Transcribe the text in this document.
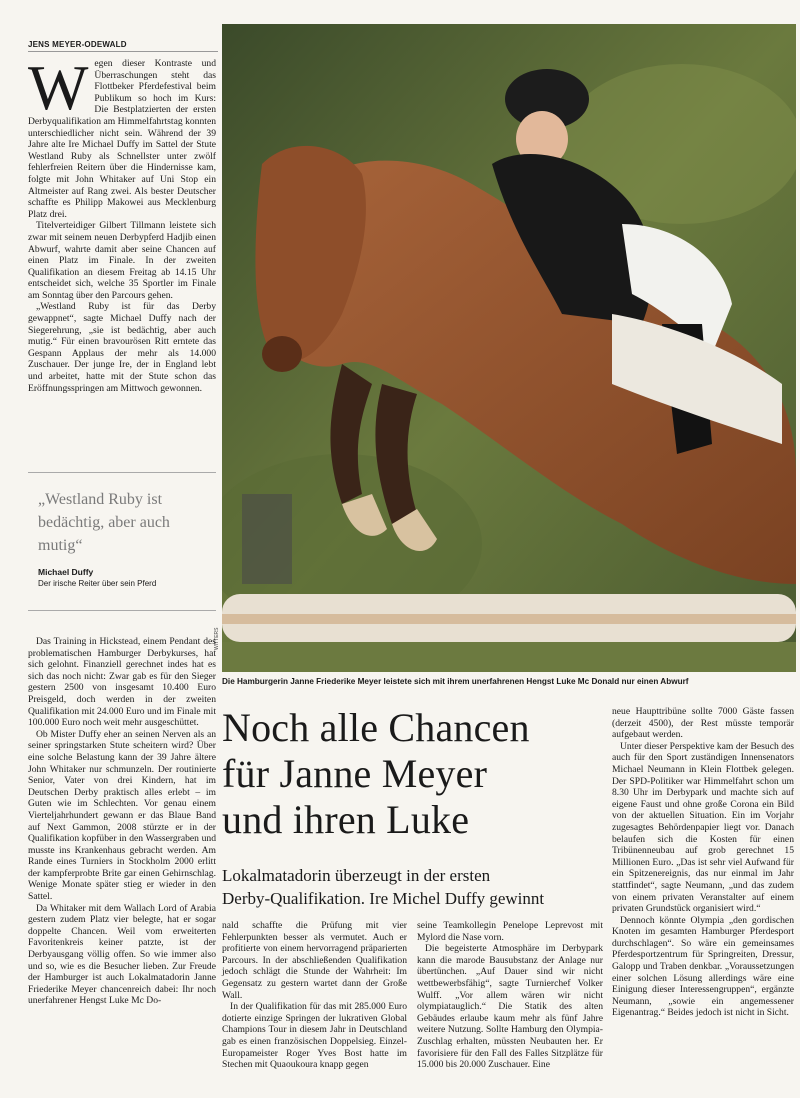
JENS MEYER-ODEWALD
W egen dieser Kontraste und Überraschungen steht das Flottbeker Pferdefestival beim Publikum so hoch im Kurs: Die Bestplatzierten der ersten Derbyqualifikation am Himmelfahrtstag konnten unterschiedlicher nicht sein. Während der 39 Jahre alte Ire Michael Duffy im Sattel der Stute Westland Ruby als Schnellster unter zwölf fehlerfreien Reitern über die Hindernisse kam, folgte mit John Whitaker auf Uni Stop ein Altmeister auf Rang zwei. Als bester Deutscher schaffte es Philipp Makowei aus Mecklenburg Platz drei.

Titelverteidiger Gilbert Tillmann leistete sich zwar mit seinem neuen Derbypferd Hadjib einen Abwurf, wahrte damit aber seine Chancen auf einen Platz im Finale. In der zweiten Qualifikation an diesem Freitag ab 14.15 Uhr entscheidet sich, welche 35 Sportler im Finale am Sonntag über den Parcours gehen.

„Westland Ruby ist für das Derby gewappnet“, sagte Michael Duffy nach der Siegerehrung, „sie ist bedächtig, aber auch mutig.“ Für einen bravourösen Ritt erntete das Gespann Applaus der mehr als 14.000 Zuschauer. Der junge Ire, der in England lebt und arbeitet, hatte mit der Stute schon das Eröffnungsspringen am Mittwoch gewonnen.

„Westland Ruby ist bedächtig, aber auch mutig“
Michael Duffy
Der irische Reiter über sein Pferd
WITTERS
Die Hamburgerin Janne Friederike Meyer leistete sich mit ihrem unerfahrenen Hengst Luke Mc Donald nur einen Abwurf

Das Training in Hickstead, einem Pendant des problematischen Hamburger Derbykurses, hat sich gelohnt. Finanziell gerechnet indes hat es sich das noch nicht: Zwar gab es für den Sieger gestern 2500 von insgesamt 10.400 Euro Preisgeld, doch werden in der zweiten Qualifikation mit 24.000 Euro und im Finale mit 100.000 Euro noch weit mehr ausgeschüttet.

Ob Mister Duffy eher an seinen Nerven als an seiner springstarken Stute scheitern wird? Über eine solche Belastung kann der 39 Jahre ältere John Whitaker nur schmunzeln. Der routinierte Senior, Vater von drei Kindern, hat im Deutschen Derby praktisch alles erlebt – im Guten wie im Schlechten. Vor genau einem Vierteljahrhundert gewann er das Blaue Band auf Next Gammon, 2008 stürzte er in der Qualifikation kopfüber in den Wassergraben und musste ins Krankenhaus gebracht werden. Am Rande eines Turniers in Stockholm 2000 erlitt der kampferprobte Brite gar einen Gehirnschlag. Wenige Monate später stieg er wieder in den Sattel.

Da Whitaker mit dem Wallach Lord of Arabia gestern zudem Platz vier belegte, hat er sogar doppelte Chancen. Weil vom erweiterten Favoritenkreis keiner patzte, ist der Derbyausgang völlig offen. So wie immer also und so, wie es die Besucher lieben. Zur Freude der Hamburger ist auch Lokalmatadorin Janne Friederike Meyer chancenreich dabei: Ihr noch unerfahrener Hengst Luke Mc Do-

Noch alle Chancen
für Janne Meyer
und ihren Luke
Lokalmatadorin überzeugt in der ersten
Derby-Qualifikation. Ire Michel Duffy gewinnt

nald schaffte die Prüfung mit vier Fehlerpunkten besser als vermutet. Auch er profitierte von einem hervorragend präparierten Parcours. In der abschließenden Qualifikation jedoch schlägt die Stunde der Wahrheit: Im Gegensatz zu gestern wartet dann der Große Wall.

In der Qualifikation für das mit 285.000 Euro dotierte einzige Springen der lukrativen Global Champions Tour in diesem Jahr in Deutschland gab es einen französischen Doppelsieg. Einzel-Europameister Roger Yves Bost hatte im Stechen mit Quaoukoura knapp gegen

seine Teamkollegin Penelope Leprevost mit Mylord die Nase vorn.

Die begeisterte Atmosphäre im Derbypark kann die marode Bausubstanz der Anlage nur übertünchen. „Auf Dauer sind wir nicht wettbewerbsfähig“, sagte Turnierchef Volker Wulff. „Vor allem wären wir nicht olympiatauglich.“ Die Statik des alten Gebäudes erlaube kaum mehr als fünf Jahre weitere Nutzung. Sollte Hamburg den Olympia-Zuschlag erhalten, müssten Neubauten her. Er favorisiere für den Fall des Falles Sitzplätze für 15.000 bis 20.000 Zuschauer. Eine

neue Haupttribüne sollte 7000 Gäste fassen (derzeit 4500), der Rest müsste temporär aufgebaut werden.

Unter dieser Perspektive kam der Besuch des auch für den Sport zuständigen Innensenators Michael Neumann in Klein Flottbek gelegen. Der SPD-Politiker war Himmelfahrt schon um 8.30 Uhr im Derbypark und machte sich auf eigene Faust und ohne große Corona ein Bild von der aktuellen Situation. Ein im Vorjahr zugesagtes Behördenpapier liegt vor. Danach belaufen sich die Kosten für einen Tribünenneubau auf grob gerechnet 15 Millionen Euro. „Das ist sehr viel Aufwand für ein Spitzenereignis, das nur einmal im Jahr stattfindet“, sagte Neumann, „und das zudem von einem privaten Veranstalter auf einem privaten Grundstück organisiert wird.“

Dennoch könnte Olympia „den gordischen Knoten im gesamten Hamburger Pferdesport durchschlagen“. So wäre ein gemeinsames Pferdesportzentrum für Springreiten, Dressur, Galopp und Traben denkbar. „Voraussetzungen einer solchen Lösung allerdings wäre eine Einigung dieser Interessengruppen“, ergänzte Neumann, „sowie ein angemessener Eigenantrag.“ Beides jedoch ist nicht in Sicht.
